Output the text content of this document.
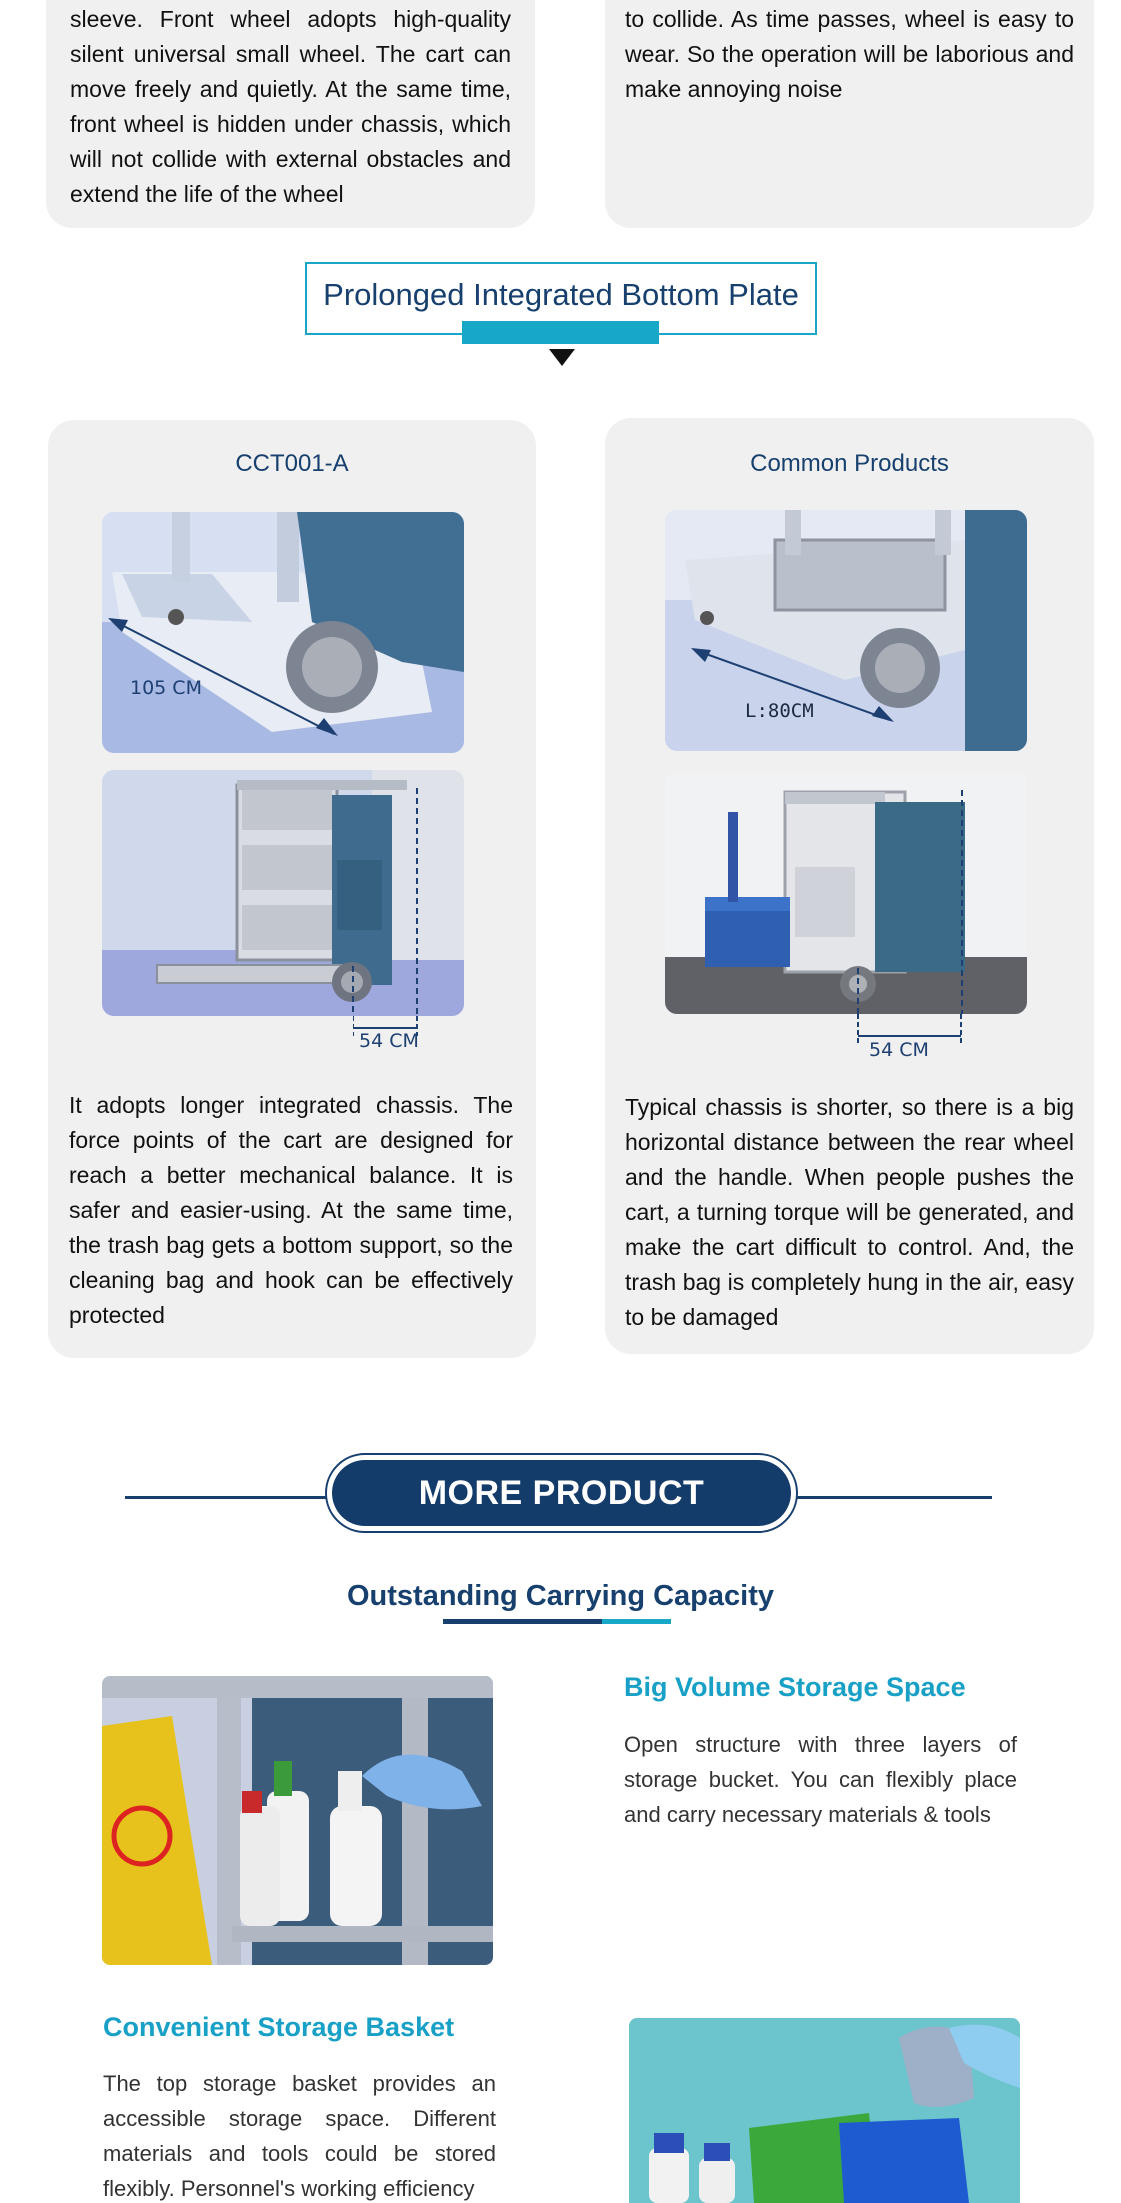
sleeve. Front wheel adopts high-quality silent universal small wheel. The cart can move freely and quietly. At the same time, front wheel is hidden under chassis, which will not collide with external obstacles and extend the life of the wheel

to collide. As time passes, wheel is easy to wear. So the operation will be laborious and make annoying noise

Prolonged Integrated Bottom Plate
CCT001-A
105 CM
54 CM

It adopts longer integrated chassis. The force points of the cart are designed for reach a better mechanical balance. It is safer and easier-using. At the same time, the trash bag gets a bottom support, so the cleaning bag and hook can be effectively protected

Common Products
L:80CM
54 CM

Typical chassis is shorter, so there is a big horizontal distance between the rear wheel and the handle. When people pushes the cart, a turning torque will be generated, and make the cart difficult to control. And, the trash bag is completely hung in the air, easy to be damaged

MORE PRODUCT FEATURES
Outstanding Carrying Capacity
Big Volume Storage Space
Open structure with three layers of storage bucket. You can flexibly place and carry necessary materials & tools
Convenient Storage Basket
The top storage basket provides an accessible storage space. Different materials and tools could be stored flexibly. Personnel's working efficiency
